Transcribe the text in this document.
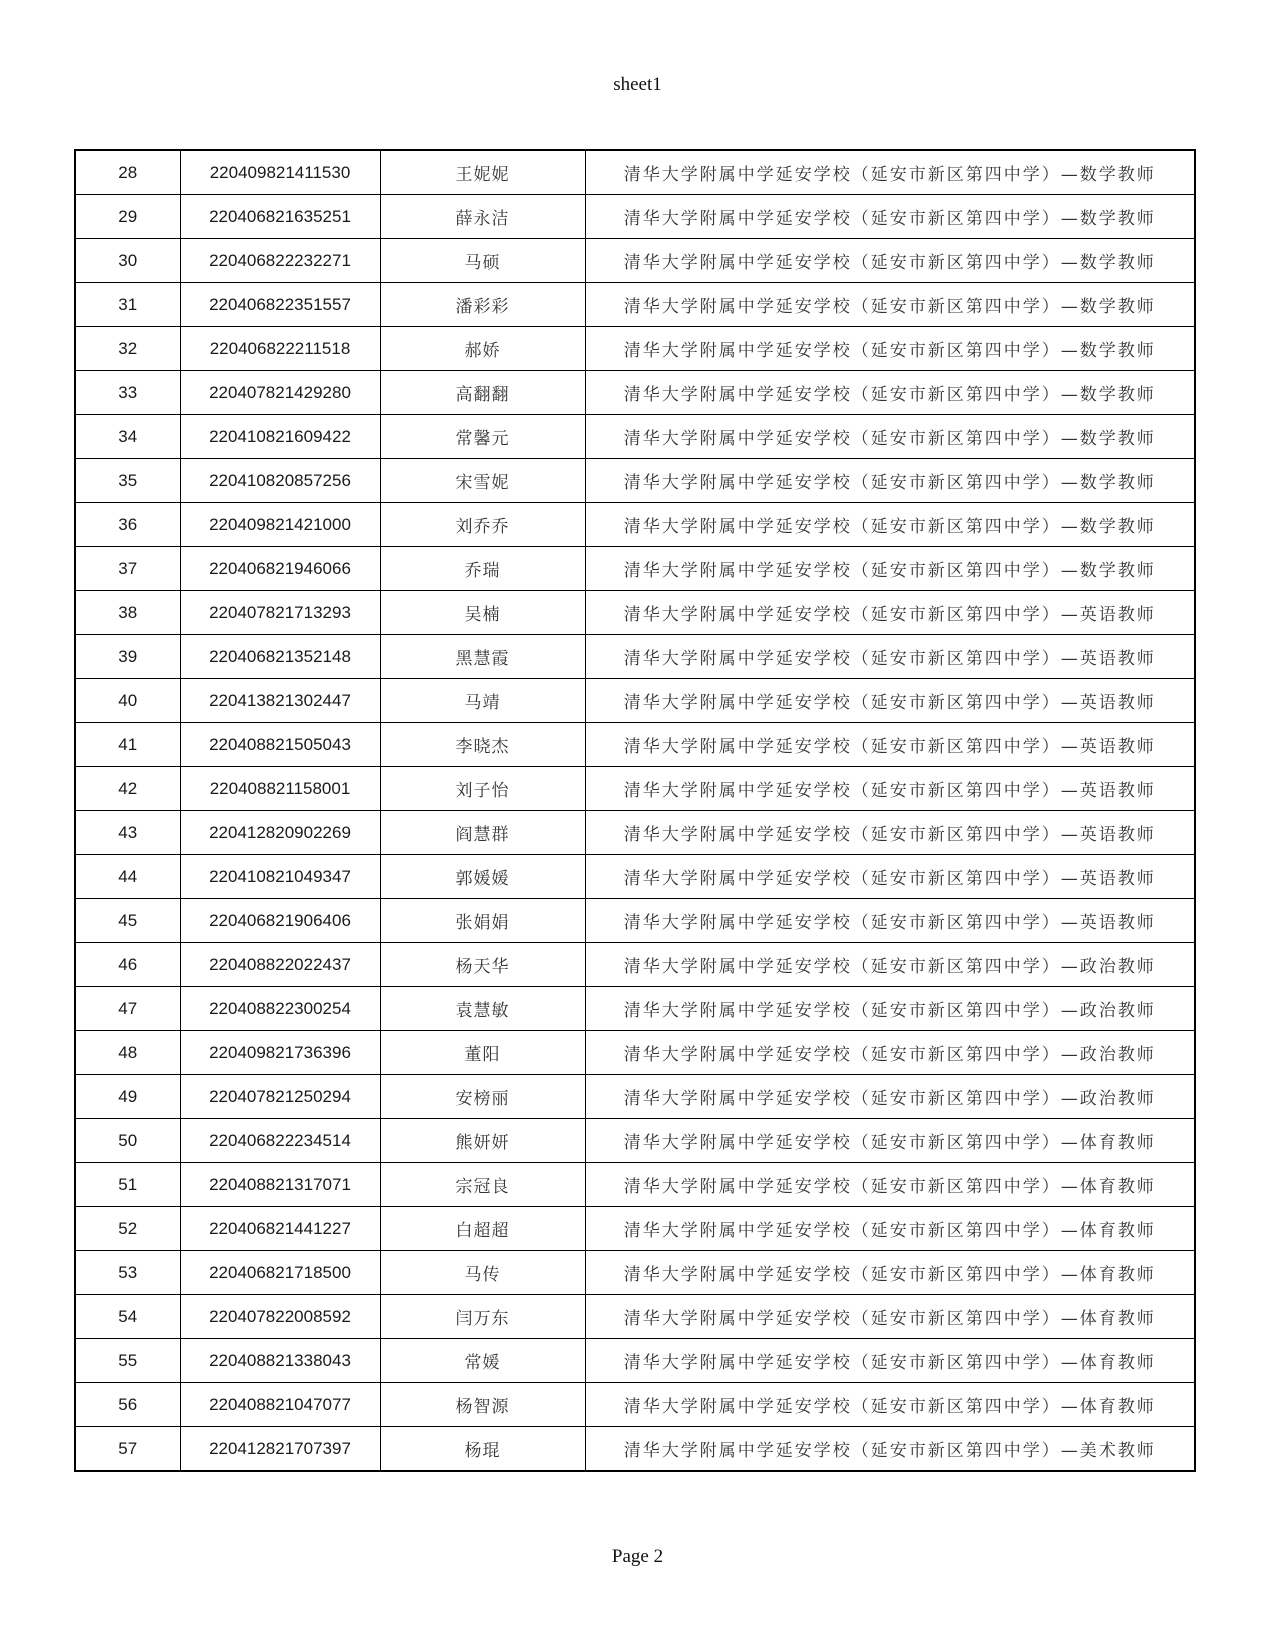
sheet1
28	220409821411530	王妮妮	清华大学附属中学延安学校（延安市新区第四中学）—数学教师
29	220406821635251	薛永洁	清华大学附属中学延安学校（延安市新区第四中学）—数学教师
30	220406822232271	马硕	清华大学附属中学延安学校（延安市新区第四中学）—数学教师
31	220406822351557	潘彩彩	清华大学附属中学延安学校（延安市新区第四中学）—数学教师
32	220406822211518	郝娇	清华大学附属中学延安学校（延安市新区第四中学）—数学教师
33	220407821429280	高翻翻	清华大学附属中学延安学校（延安市新区第四中学）—数学教师
34	220410821609422	常馨元	清华大学附属中学延安学校（延安市新区第四中学）—数学教师
35	220410820857256	宋雪妮	清华大学附属中学延安学校（延安市新区第四中学）—数学教师
36	220409821421000	刘乔乔	清华大学附属中学延安学校（延安市新区第四中学）—数学教师
37	220406821946066	乔瑞	清华大学附属中学延安学校（延安市新区第四中学）—数学教师
38	220407821713293	吴楠	清华大学附属中学延安学校（延安市新区第四中学）—英语教师
39	220406821352148	黑慧霞	清华大学附属中学延安学校（延安市新区第四中学）—英语教师
40	220413821302447	马靖	清华大学附属中学延安学校（延安市新区第四中学）—英语教师
41	220408821505043	李晓杰	清华大学附属中学延安学校（延安市新区第四中学）—英语教师
42	220408821158001	刘子怡	清华大学附属中学延安学校（延安市新区第四中学）—英语教师
43	220412820902269	阎慧群	清华大学附属中学延安学校（延安市新区第四中学）—英语教师
44	220410821049347	郭媛媛	清华大学附属中学延安学校（延安市新区第四中学）—英语教师
45	220406821906406	张娟娟	清华大学附属中学延安学校（延安市新区第四中学）—英语教师
46	220408822022437	杨天华	清华大学附属中学延安学校（延安市新区第四中学）—政治教师
47	220408822300254	袁慧敏	清华大学附属中学延安学校（延安市新区第四中学）—政治教师
48	220409821736396	董阳	清华大学附属中学延安学校（延安市新区第四中学）—政治教师
49	220407821250294	安榜丽	清华大学附属中学延安学校（延安市新区第四中学）—政治教师
50	220406822234514	熊妍妍	清华大学附属中学延安学校（延安市新区第四中学）—体育教师
51	220408821317071	宗冠良	清华大学附属中学延安学校（延安市新区第四中学）—体育教师
52	220406821441227	白超超	清华大学附属中学延安学校（延安市新区第四中学）—体育教师
53	220406821718500	马传	清华大学附属中学延安学校（延安市新区第四中学）—体育教师
54	220407822008592	闫万东	清华大学附属中学延安学校（延安市新区第四中学）—体育教师
55	220408821338043	常媛	清华大学附属中学延安学校（延安市新区第四中学）—体育教师
56	220408821047077	杨智源	清华大学附属中学延安学校（延安市新区第四中学）—体育教师
57	220412821707397	杨琨	清华大学附属中学延安学校（延安市新区第四中学）—美术教师
Page 2
